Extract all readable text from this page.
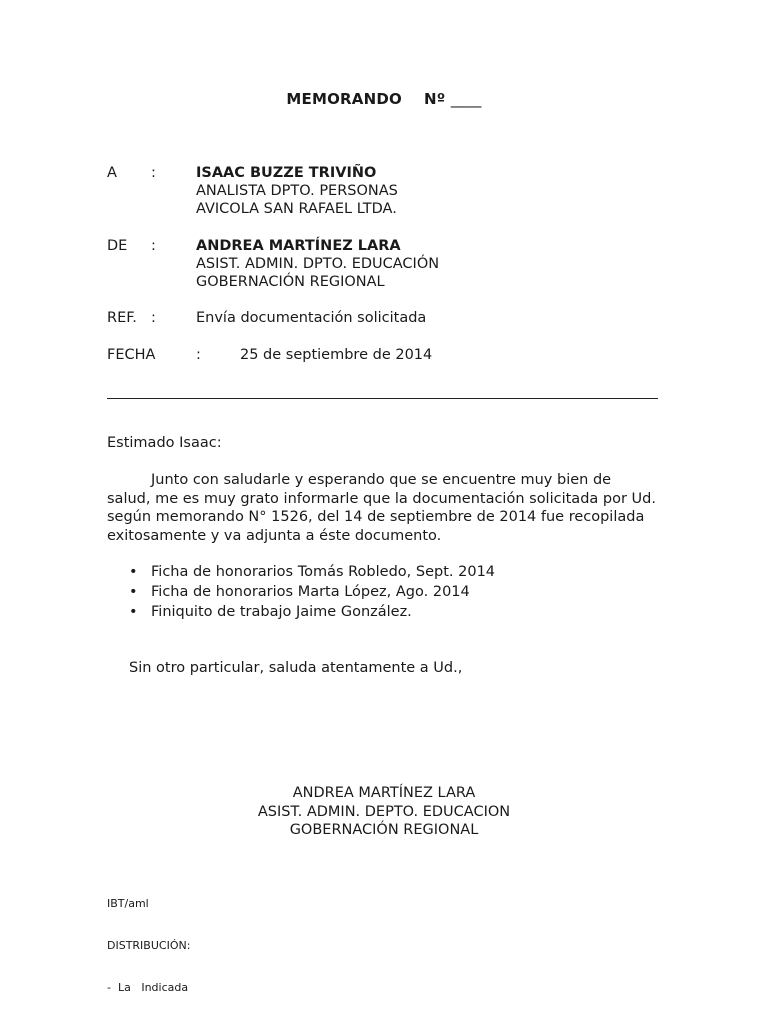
MEMORANDO Nº ____
A	:	ISAAC BUZZE TRIVIÑO
ANALISTA DPTO. PERSONAS
AVICOLA SAN RAFAEL LTDA.
DE	:	ANDREA MARTÍNEZ LARA
ASIST. ADMIN. DPTO. EDUCACIÓN
GOBERNACIÓN REGIONAL
REF. :	Envía documentación solicitada
FECHA	:	25 de septiembre de 2014
Estimado Isaac:
Junto con saludarle y esperando que se encuentre muy bien de salud, me es muy grato informarle que la documentación solicitada por Ud. según memorando N° 1526, del 14 de septiembre de 2014 fue recopilada exitosamente y va adjunta a éste documento.
• Ficha de honorarios Tomás Robledo, Sept. 2014
• Ficha de honorarios Marta López, Ago. 2014
• Finiquito de trabajo Jaime González.
Sin otro particular, saluda atentamente a Ud.,
ANDREA MARTÍNEZ LARA
ASIST. ADMIN. DEPTO. EDUCACION
GOBERNACIÓN REGIONAL

IBT/aml

DISTRIBUCIÓN:

-  La   Indicada
